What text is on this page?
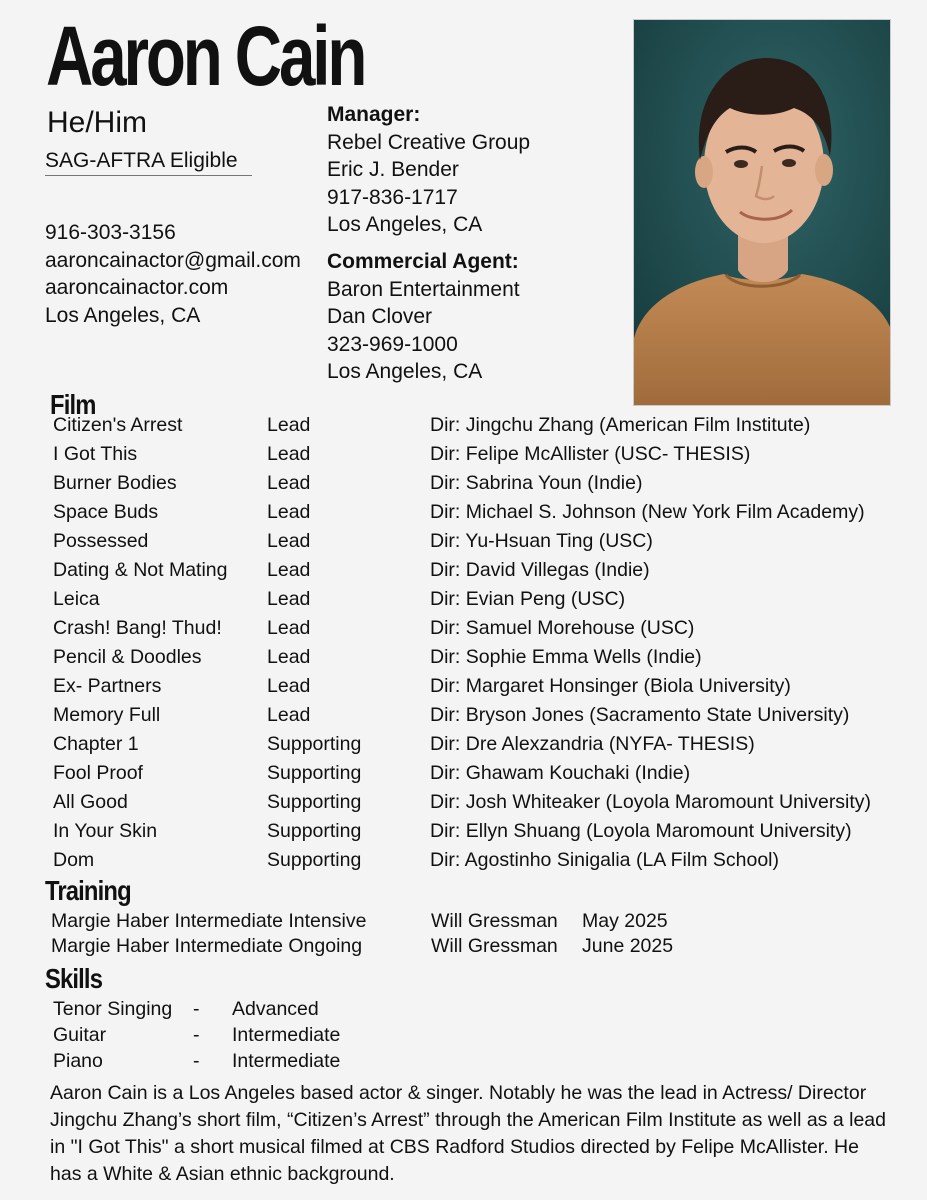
Aaron Cain
He/Him
SAG-AFTRA Eligible
916-303-3156
aaroncainactor@gmail.com
aaroncainactor.com
Los Angeles, CA
Manager:
Rebel Creative Group
Eric J. Bender
917-836-1717
Los Angeles, CA
Commercial Agent:
Baron Entertainment
Dan Clover
323-969-1000
Los Angeles, CA
Film
Citizen's Arrest	Lead	Dir: Jingchu Zhang (American Film Institute)
I Got This	Lead	Dir: Felipe McAllister (USC- THESIS)
Burner Bodies	Lead	Dir: Sabrina Youn (Indie)
Space Buds	Lead	Dir: Michael S. Johnson (New York Film Academy)
Possessed	Lead	Dir: Yu-Hsuan Ting (USC)
Dating & Not Mating Lead	Dir: David Villegas (Indie)
Leica	Lead	Dir: Evian Peng (USC)
Crash! Bang! Thud! Lead	Dir: Samuel Morehouse (USC)
Pencil & Doodles	Lead	Dir: Sophie Emma Wells (Indie)
Ex- Partners	Lead	Dir: Margaret Honsinger (Biola University)
Memory Full	Lead	Dir: Bryson Jones (Sacramento State University)
Chapter 1	Supporting	Dir: Dre Alexzandria (NYFA- THESIS)
Fool Proof	Supporting	Dir: Ghawam Kouchaki (Indie)
All Good	Supporting	Dir: Josh Whiteaker (Loyola Maromount University)
In Your Skin	Supporting	Dir: Ellyn Shuang (Loyola Maromount University)
Dom	Supporting	Dir: Agostinho Sinigalia (LA Film School)
Training
Margie Haber Intermediate Intensive	Will Gressman May 2025
Margie Haber Intermediate Ongoing	Will Gressman June 2025
Skills
Tenor Singing - Advanced
Guitar	- Intermediate
Piano	- Intermediate
Aaron Cain is a Los Angeles based actor & singer. Notably he was the lead in Actress/ Director Jingchu Zhang’s short film, “Citizen’s Arrest” through the American Film Institute as well as a lead in "I Got This" a short musical filmed at CBS Radford Studios directed by Felipe McAllister. He has a White & Asian ethnic background.
